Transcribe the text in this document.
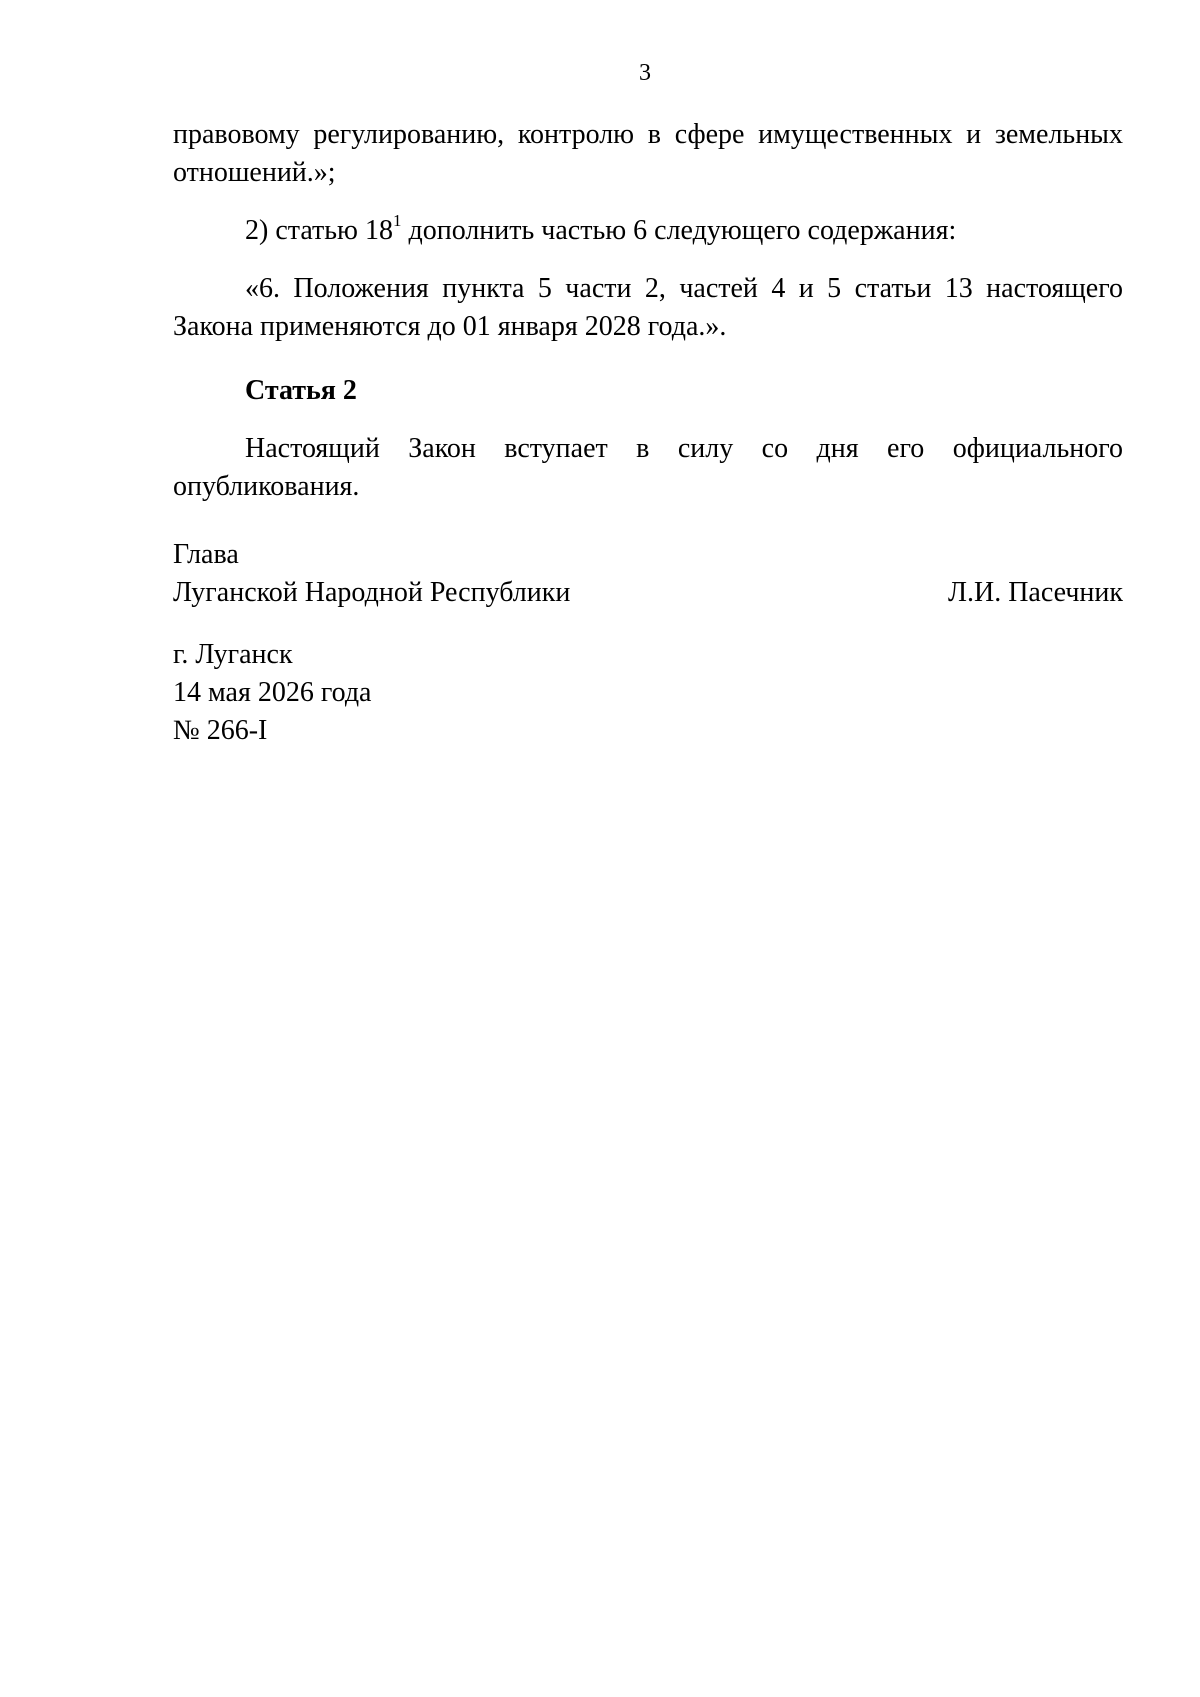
3

правовому регулированию, контролю в сфере имущественных и земельных отношений.»;

2) статью $18^1$ дополнить частью 6 следующего содержания:

«6. Положения пункта 5 части 2, частей 4 и 5 статьи 13 настоящего
Закона применяются до 01 января 2028 года.».

Статья 2

Настоящий Закон вступает в силу со дня его официального
опубликования.
Глава
Луганской Народной Республики	Л.И. Пасечник
г. Луганск
14 мая 2026 года
№ 266-I
